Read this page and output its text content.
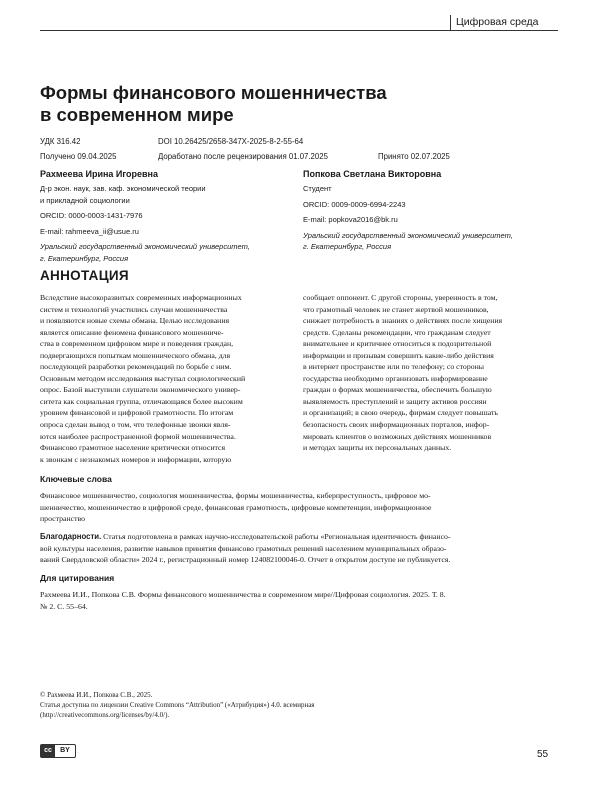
Цифровая среда
Формы финансового мошенничества
в современном мире
УДК 316.42	DOI 10.26425/2658-347X-2025-8-2-55-64
Получено 09.04.2025	Доработано после рецензирования 01.07.2025	Принято 02.07.2025
Рахмеева Ирина Игоревна
Д-р экон. наук, зав. каф. экономической теории
и прикладной социологии
ORCID: 0000-0003-1431-7976
E-mail: rahmeeva_ii@usue.ru
Уральский государственный экономический университет,
г. Екатеринбург, Россия
Попкова Светлана Викторовна
Студент
ORCID: 0009-0009-6994-2243
E-mail: popkova2016@bk.ru
Уральский государственный экономический университет,
г. Екатеринбург, Россия
АННОТАЦИЯ
Вследствие высокоразвитых современных информационных
систем и технологий участились случаи мошенничества
и появляются новые схемы обмана. Целью исследования
является описание феномена финансового мошенниче-
ства в современном цифровом мире и поведения граждан,
подвергающихся попыткам мошеннического обмана, для
последующей разработки рекомендаций по борьбе с ним.
Основным методом исследования выступал социологический
опрос. Базой выступили слушатели экономического универ-
ситета как социальная группа, отличающаяся более высоким
уровнем финансовой и цифровой грамотности. По итогам
опроса сделан вывод о том, что телефонные звонки явля-
ются наиболее распространенной формой мошенничества.
Финансово грамотное население критически относится
к звонкам с незнакомых номеров и информации, которую
сообщает оппонент. С другой стороны, уверенность в том,
что грамотный человек не станет жертвой мошенников,
снижает потребность в знаниях о действиях после хищения
средств. Сделаны рекомендации, что гражданам следует
внимательнее и критичнее относиться к подозрительной
информации и призывам совершить какие-либо действия
в интернет пространстве или по телефону; со стороны
государства необходимо организовать информирование
граждан о формах мошенничества, обеспечить большую
выявляемость преступлений и защиту активов россиян
и организаций; в свою очередь, фирмам следует повышать
безопасность своих информационных порталов, инфор-
мировать клиентов о возможных действиях мошенников
и методах защиты их персональных данных.
Ключевые слова
Финансовое мошенничество, социология мошенничества, формы мошенничества, киберпреступность, цифровое мо-
шенничество, мошенничество в цифровой среде, финансовая грамотность, цифровые компетенции, информационное
пространство
Благодарности. Статья подготовлена в рамках научно-исследовательской работы «Региональная идентичность финансо-
вой культуры населения, развитие навыков принятия финансово грамотных решений населением муниципальных образо-
ваний Свердловской области» 2024 г., регистрационный номер 124082100046-0. Отчет в открытом доступе не публикуется.
Для цитирования
Рахмеева И.И., Попкова С.В. Формы финансового мошенничества в современном мире//Цифровая социология. 2025. Т. 8.
№ 2. С. 55–64.
© Рахмеева И.И., Попкова С.В., 2025.
Статья доступна по лицензии Creative Commons “Attribution” («Атрибуция») 4.0. всемирная
(http://creativecommons.org/licenses/by/4.0/).
cc	BY	55
